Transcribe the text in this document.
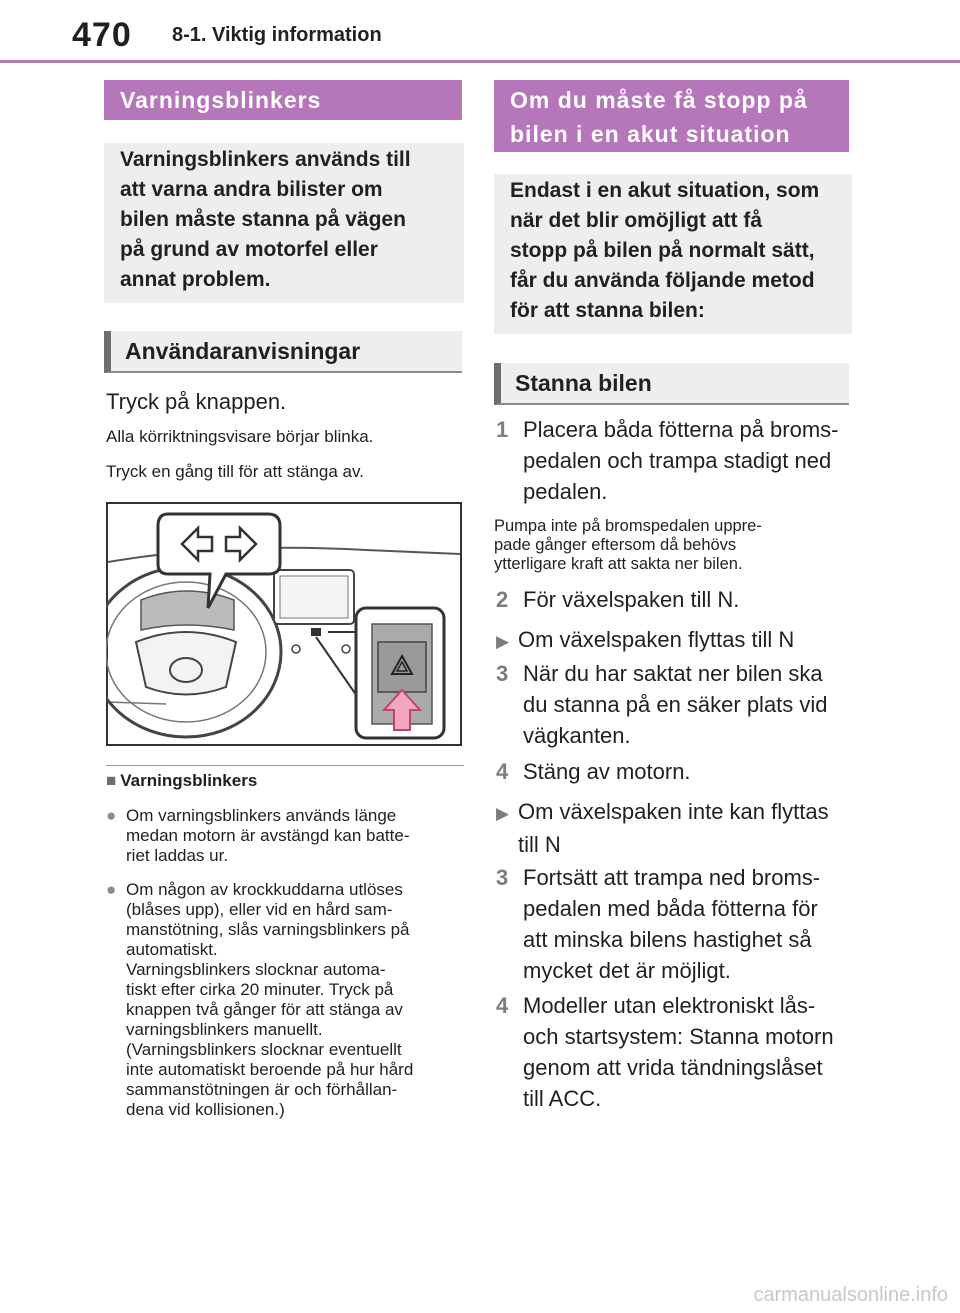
470 8-1. Viktig information
Varningsblinkers
Varningsblinkers används till
att varna andra bilister om
bilen måste stanna på vägen
på grund av motorfel eller
annat problem.
Användaranvisningar

Tryck på knappen.

Alla körriktningsvisare börjar blinka.

Tryck en gång till för att stänga av.

■ Varningsblinkers

● Om varningsblinkers används länge
medan motorn är avstängd kan batte-
riet laddas ur.
● Om någon av krockkuddarna utlöses
(blåses upp), eller vid en hård sam-
manstötning, slås varningsblinkers på
automatiskt.
Varningsblinkers slocknar automa-
tiskt efter cirka 20 minuter. Tryck på
knappen två gånger för att stänga av
varningsblinkers manuellt.
(Varningsblinkers slocknar eventuellt
inte automatiskt beroende på hur hård
sammanstötningen är och förhållan-
dena vid kollisionen.)
Om du måste få stopp på
bilen i en akut situation
Endast i en akut situation, som
när det blir omöjligt att få
stopp på bilen på normalt sätt,
får du använda följande metod
för att stanna bilen:
Stanna bilen
1 Placera båda fötterna på broms-
pedalen och trampa stadigt ned
pedalen.
Pumpa inte på bromspedalen uppre-
pade gånger eftersom då behövs
ytterligare kraft att sakta ner bilen.
2 För växelspaken till N.
▶ Om växelspaken flyttas till N
3 När du har saktat ner bilen ska
du stanna på en säker plats vid
vägkanten.
4 Stäng av motorn.
▶ Om växelspaken inte kan flyttas
till N
3 Fortsätt att trampa ned broms-
pedalen med båda fötterna för
att minska bilens hastighet så
mycket det är möjligt.
4 Modeller utan elektroniskt lås-
och startsystem: Stanna motorn
genom att vrida tändningslåset
till ACC.
carmanualsonline.info
